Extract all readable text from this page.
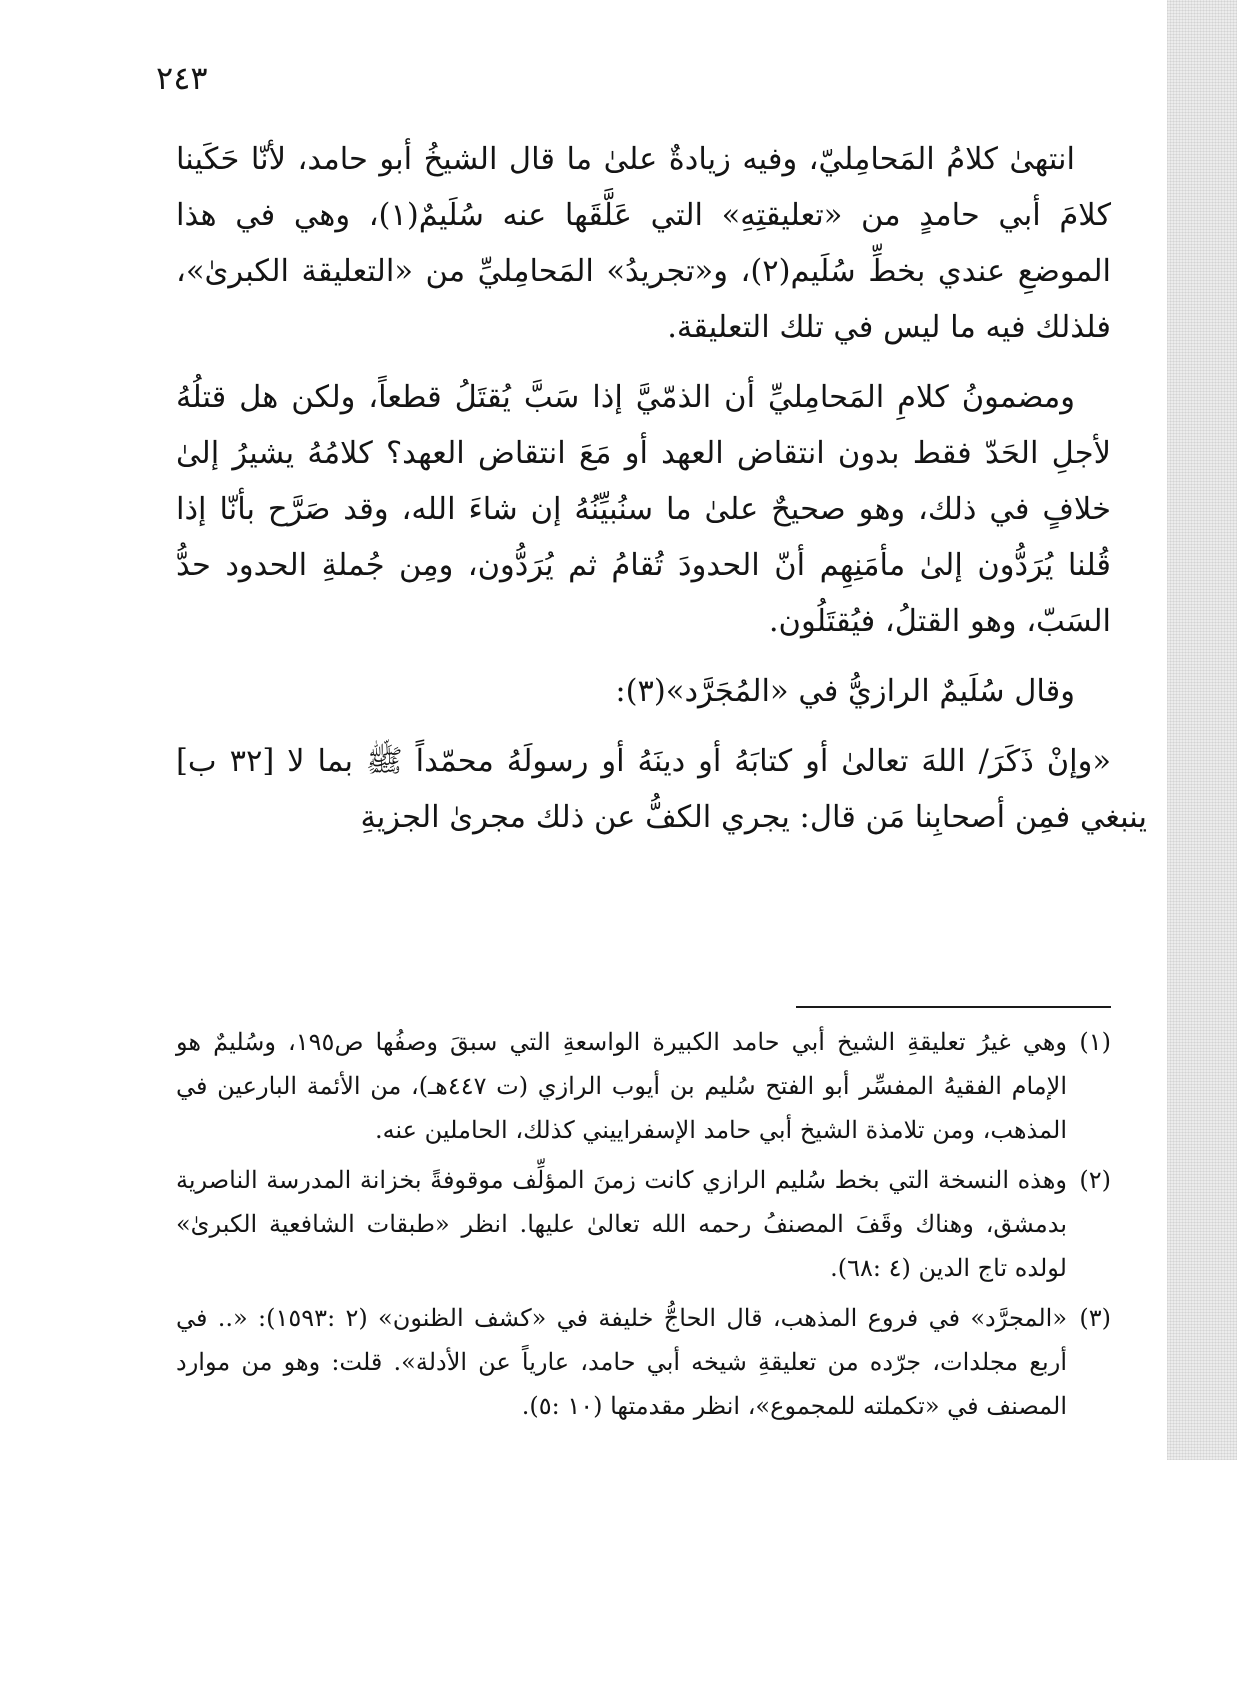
٢٤٣

انتهىٰ كلامُ المَحامِليّ، وفيه زيادةٌ علىٰ ما قال الشيخُ أبو حامد، لأنّا حَكَينا كلامَ أبي حامدٍ من «تعليقتِهِ» التي عَلَّقَها عنه سُلَيمٌ(١)، وهي في هذا الموضعِ عندي بخطِّ سُلَيم(٢)، و«تجريدُ» المَحامِليِّ من «التعليقة الكبرىٰ»، فلذلك فيه ما ليس في تلك التعليقة.

ومضمونُ كلامِ المَحامِليِّ أن الذمّيَّ إذا سَبَّ يُقتَلُ قطعاً، ولكن هل قتلُهُ لأجلِ الحَدّ فقط بدون انتقاض العهد أو مَعَ انتقاض العهد؟ كلامُهُ يشيرُ إلىٰ خلافٍ في ذلك، وهو صحيحٌ علىٰ ما سنُبيِّنُهُ إن شاءَ الله، وقد صَرَّح بأنّا إذا قُلنا يُرَدُّون إلىٰ مأمَنِهِم أنّ الحدودَ تُقامُ ثم يُرَدُّون، ومِن جُملةِ الحدود حدُّ السَبّ، وهو القتلُ، فيُقتَلُون.

وقال سُلَيمٌ الرازيُّ في «المُجَرَّد»(٣):

«وإنْ ذَكَرَ/ اللهَ تعالىٰ أو كتابَهُ أو دينَهُ أو رسولَهُ محمّداً ﷺ بما لا [٣٢ ب] ينبغي فمِن أصحابِنا مَن قال: يجري الكفُّ عن ذلك مجرىٰ الجزيةِ

(١)
وهي غيرُ تعليقةِ الشيخ أبي حامد الكبيرة الواسعةِ التي سبقَ وصفُها ص١٩٥، وسُليمٌ هو الإمام الفقيهُ المفسِّر أبو الفتح سُليم بن أيوب الرازي (ت ٤٤٧هـ)، من الأئمة البارعين في المذهب، ومن تلامذة الشيخ أبي حامد الإسفراييني كذلك، الحاملين عنه.
(٢)
وهذه النسخة التي بخط سُليم الرازي كانت زمنَ المؤلِّف موقوفةً بخزانة المدرسة الناصرية بدمشق، وهناك وقَفَ المصنفُ رحمه الله تعالىٰ عليها. انظر «طبقات الشافعية الكبرىٰ» لولده تاج الدين (٤ :٦٨).
(٣)
«المجرَّد» في فروع المذهب، قال الحاجُّ خليفة في «كشف الظنون» (٢ :١٥٩٣): «.. في أربع مجلدات، جرّده من تعليقةِ شيخه أبي حامد، عارياً عن الأدلة». قلت: وهو من موارد المصنف في «تكملته للمجموع»، انظر مقدمتها (١٠ :٥).
